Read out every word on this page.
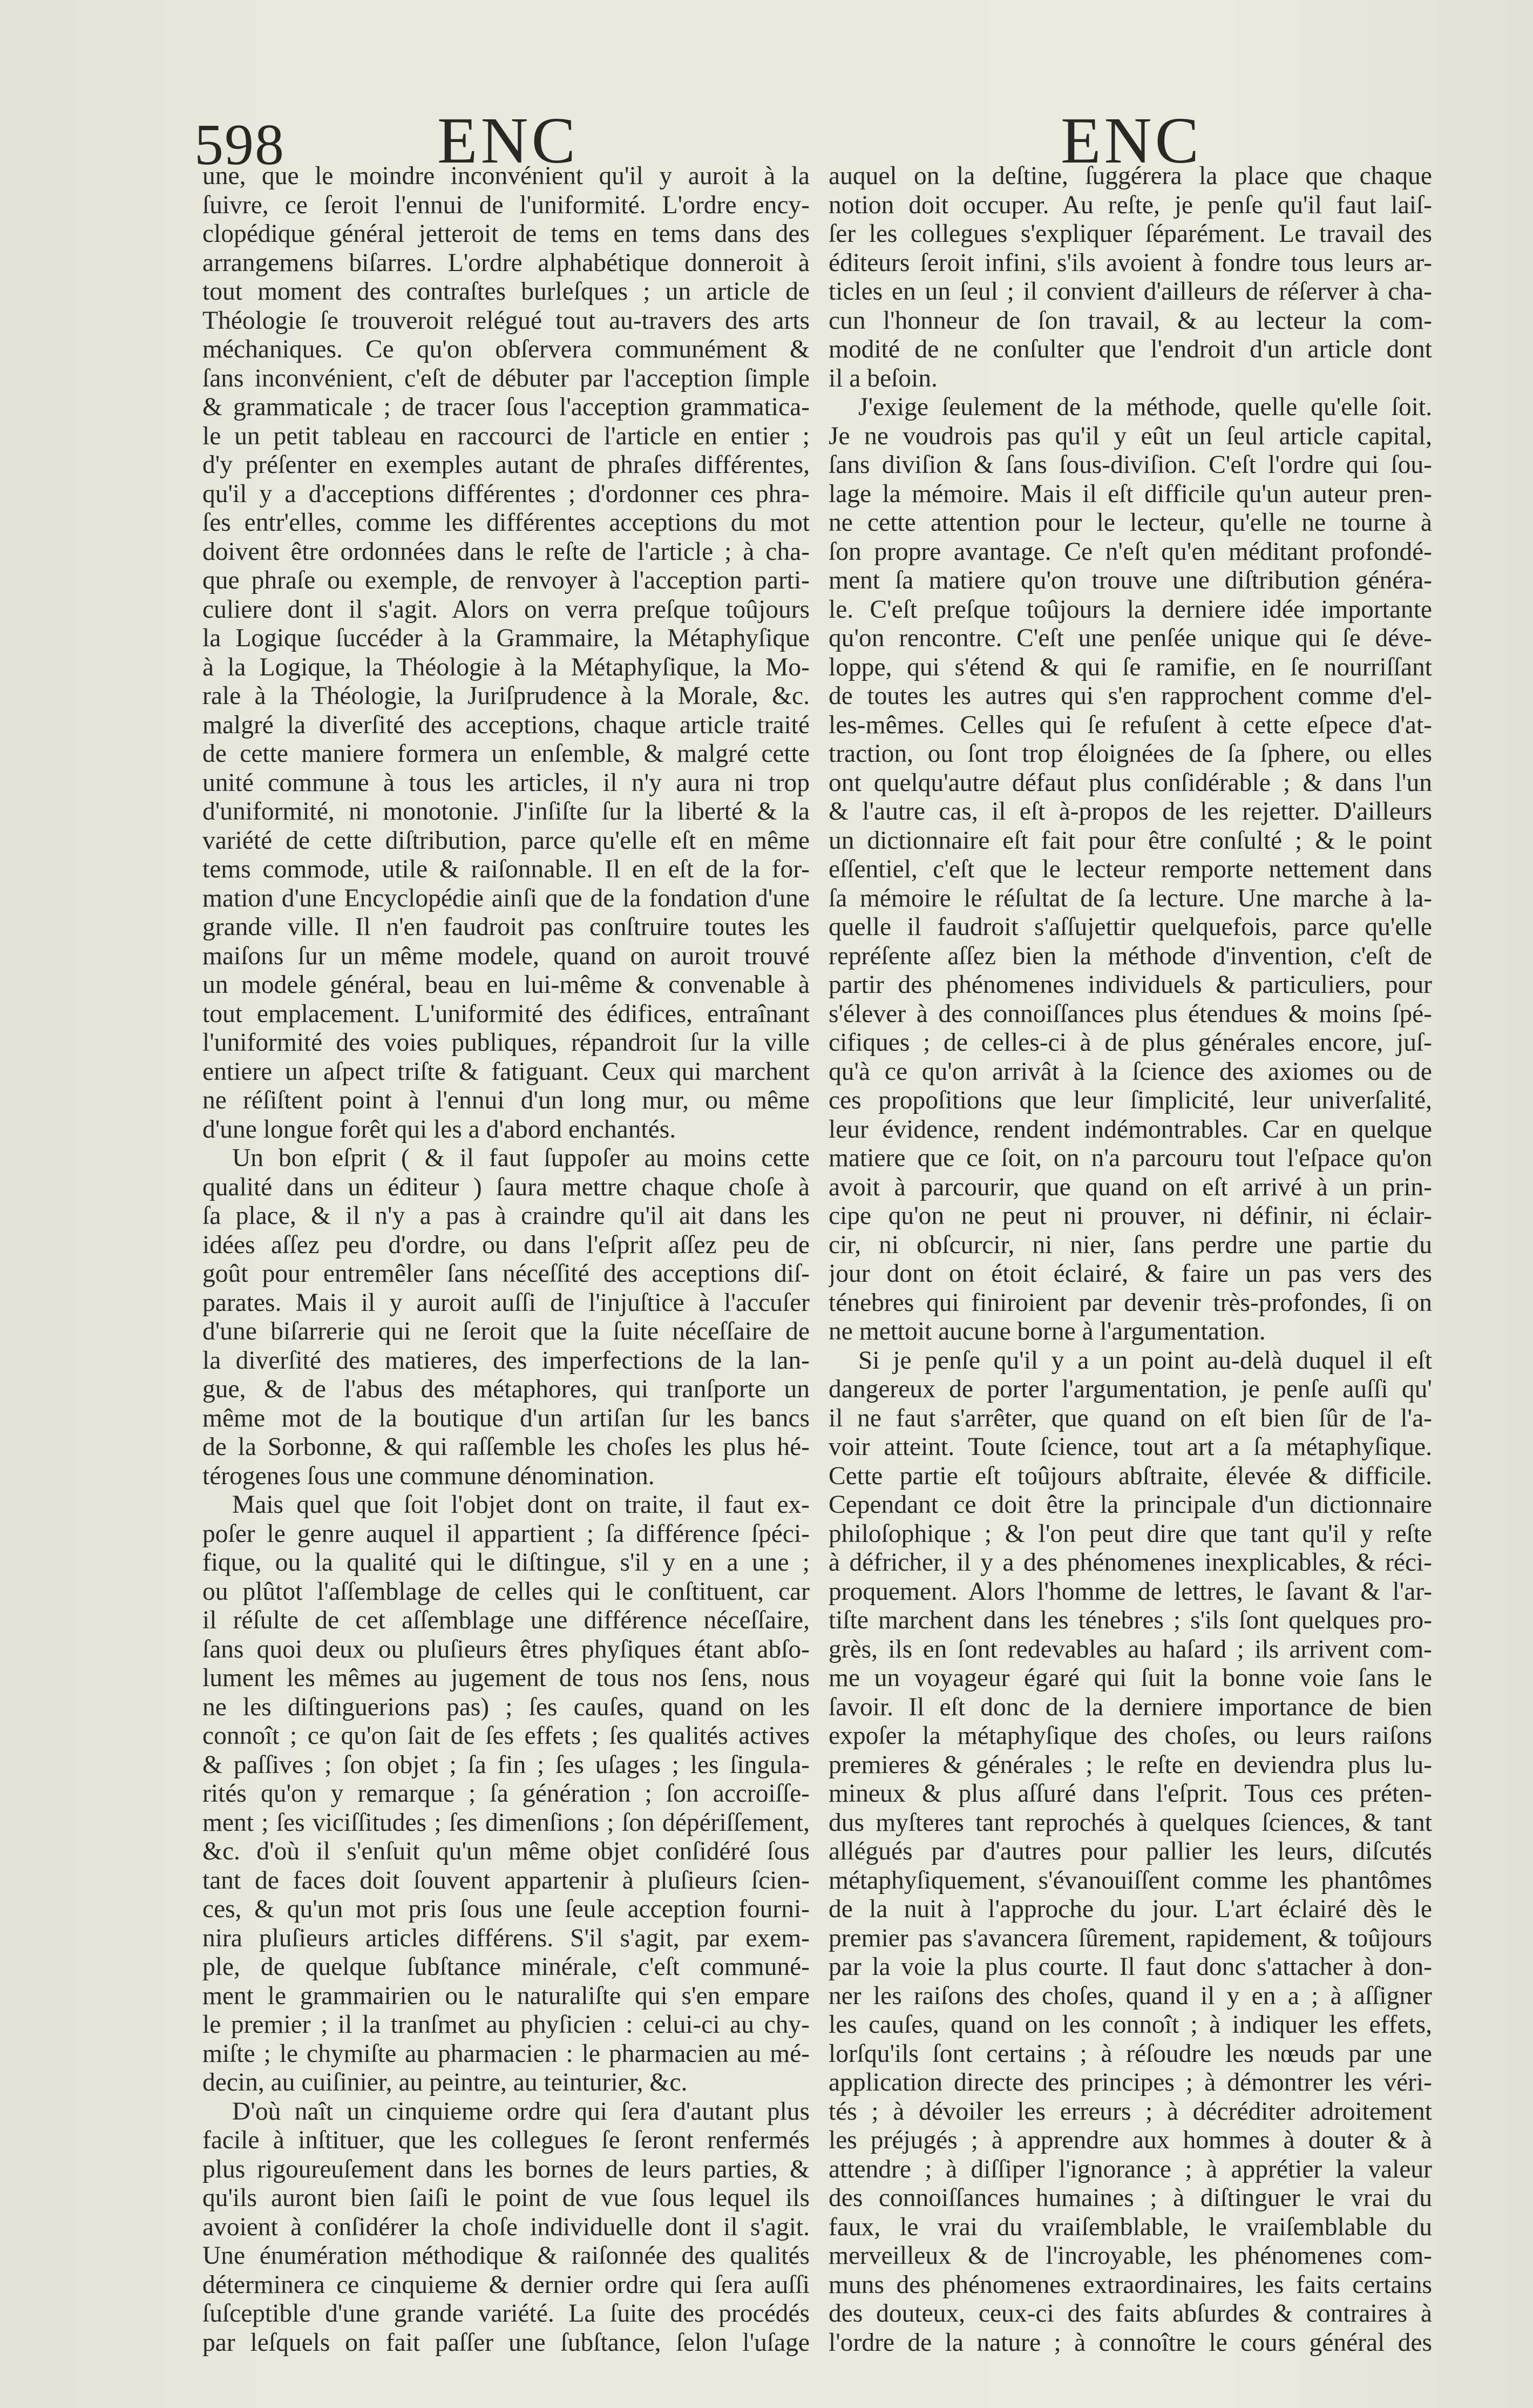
598 ENC	ENC
une, que le moindre inconvénient qu'il y auroit à la
ſuivre, ce ſeroit l'ennui de l'uniformité. L'ordre ency-
clopédique général jetteroit de tems en tems dans des
arrangemens biſarres. L'ordre alphabétique donneroit à
tout moment des contraſtes burleſques ; un article de
Théologie ſe trouveroit relégué tout au-travers des arts
méchaniques. Ce qu'on obſervera communément &
ſans inconvénient, c'eſt de débuter par l'acception ſimple
& grammaticale ; de tracer ſous l'acception grammatica-
le un petit tableau en raccourci de l'article en entier ;
d'y préſenter en exemples autant de phraſes différentes,
qu'il y a d'acceptions différentes ; d'ordonner ces phra-
ſes entr'elles, comme les différentes acceptions du mot
doivent être ordonnées dans le reſte de l'article ; à cha-
que phraſe ou exemple, de renvoyer à l'acception parti-
culiere dont il s'agit. Alors on verra preſque toûjours
la Logique ſuccéder à la Grammaire, la Métaphyſique
à la Logique, la Théologie à la Métaphyſique, la Mo-
rale à la Théologie, la Juriſprudence à la Morale, &c.
malgré la diverſité des acceptions, chaque article traité
de cette maniere formera un enſemble, & malgré cette
unité commune à tous les articles, il n'y aura ni trop
d'uniformité, ni monotonie. J'inſiſte ſur la liberté & la
variété de cette diſtribution, parce qu'elle eſt en même
tems commode, utile & raiſonnable. Il en eſt de la for-
mation d'une Encyclopédie ainſi que de la fondation d'une
grande ville. Il n'en faudroit pas conſtruire toutes les
maiſons ſur un même modele, quand on auroit trouvé
un modele général, beau en lui-même & convenable à
tout emplacement. L'uniformité des édifices, entraînant
l'uniformité des voies publiques, répandroit ſur la ville
entiere un aſpect triſte & fatiguant. Ceux qui marchent
ne réſiſtent point à l'ennui d'un long mur, ou même
d'une longue forêt qui les a d'abord enchantés.
Un bon eſprit ( & il faut ſuppoſer au moins cette
qualité dans un éditeur ) ſaura mettre chaque choſe à
ſa place, & il n'y a pas à craindre qu'il ait dans les
idées aſſez peu d'ordre, ou dans l'eſprit aſſez peu de
goût pour entremêler ſans néceſſité des acceptions diſ-
parates. Mais il y auroit auſſi de l'injuſtice à l'accuſer
d'une biſarrerie qui ne ſeroit que la ſuite néceſſaire de
la diverſité des matieres, des imperfections de la lan-
gue, & de l'abus des métaphores, qui tranſporte un
même mot de la boutique d'un artiſan ſur les bancs
de la Sorbonne, & qui raſſemble les choſes les plus hé-
térogenes ſous une commune dénomination.
Mais quel que ſoit l'objet dont on traite, il faut ex-
poſer le genre auquel il appartient ; ſa différence ſpéci-
fique, ou la qualité qui le diſtingue, s'il y en a une ;
ou plûtot l'aſſemblage de celles qui le conſtituent, car
il réſulte de cet aſſemblage une différence néceſſaire,
ſans quoi deux ou pluſieurs êtres phyſiques étant abſo-
lument les mêmes au jugement de tous nos ſens, nous
ne les diſtinguerions pas) ; ſes cauſes, quand on les
connoît ; ce qu'on ſait de ſes effets ; ſes qualités actives
& paſſives ; ſon objet ; ſa fin ; ſes uſages ; les ſingula-
rités qu'on y remarque ; ſa génération ; ſon accroiſſe-
ment ; ſes viciſſitudes ; ſes dimenſions ; ſon dépériſſement,
&c. d'où il s'enſuit qu'un même objet conſidéré ſous
tant de faces doit ſouvent appartenir à pluſieurs ſcien-
ces, & qu'un mot pris ſous une ſeule acception fourni-
nira pluſieurs articles différens. S'il s'agit, par exem-
ple, de quelque ſubſtance minérale, c'eſt communé-
ment le grammairien ou le naturaliſte qui s'en empare
le premier ; il la tranſmet au phyſicien : celui-ci au chy-
miſte ; le chymiſte au pharmacien : le pharmacien au mé-
decin, au cuiſinier, au peintre, au teinturier, &c.
D'où naît un cinquieme ordre qui ſera d'autant plus
facile à inſtituer, que les collegues ſe ſeront renfermés
plus rigoureuſement dans les bornes de leurs parties, &
qu'ils auront bien ſaiſi le point de vue ſous lequel ils
avoient à conſidérer la choſe individuelle dont il s'agit.
Une énumération méthodique & raiſonnée des qualités
déterminera ce cinquieme & dernier ordre qui ſera auſſi
ſuſceptible d'une grande variété. La ſuite des procédés
par leſquels on fait paſſer une ſubſtance, ſelon l'uſage
auquel on la deſtine, ſuggérera la place que chaque
notion doit occuper. Au reſte, je penſe qu'il faut laiſ-
ſer les collegues s'expliquer ſéparément. Le travail des
éditeurs ſeroit infini, s'ils avoient à fondre tous leurs ar-
ticles en un ſeul ; il convient d'ailleurs de réſerver à cha-
cun l'honneur de ſon travail, & au lecteur la com-
modité de ne conſulter que l'endroit d'un article dont
il a beſoin.
J'exige ſeulement de la méthode, quelle qu'elle ſoit.
Je ne voudrois pas qu'il y eût un ſeul article capital,
ſans diviſion & ſans ſous-diviſion. C'eſt l'ordre qui ſou-
lage la mémoire. Mais il eſt difficile qu'un auteur pren-
ne cette attention pour le lecteur, qu'elle ne tourne à
ſon propre avantage. Ce n'eſt qu'en méditant profondé-
ment ſa matiere qu'on trouve une diſtribution généra-
le. C'eſt preſque toûjours la derniere idée importante
qu'on rencontre. C'eſt une penſée unique qui ſe déve-
loppe, qui s'étend & qui ſe ramifie, en ſe nourriſſant
de toutes les autres qui s'en rapprochent comme d'el-
les-mêmes. Celles qui ſe refuſent à cette eſpece d'at-
traction, ou ſont trop éloignées de ſa ſphere, ou elles
ont quelqu'autre défaut plus conſidérable ; & dans l'un
& l'autre cas, il eſt à-propos de les rejetter. D'ailleurs
un dictionnaire eſt fait pour être conſulté ; & le point
eſſentiel, c'eſt que le lecteur remporte nettement dans
ſa mémoire le réſultat de ſa lecture. Une marche à la-
quelle il faudroit s'aſſujettir quelquefois, parce qu'elle
repréſente aſſez bien la méthode d'invention, c'eſt de
partir des phénomenes individuels & particuliers, pour
s'élever à des connoiſſances plus étendues & moins ſpé-
cifiques ; de celles-ci à de plus générales encore, juſ-
qu'à ce qu'on arrivât à la ſcience des axiomes ou de
ces propoſitions que leur ſimplicité, leur univerſalité,
leur évidence, rendent indémontrables. Car en quelque
matiere que ce ſoit, on n'a parcouru tout l'eſpace qu'on
avoit à parcourir, que quand on eſt arrivé à un prin-
cipe qu'on ne peut ni prouver, ni définir, ni éclair-
cir, ni obſcurcir, ni nier, ſans perdre une partie du
jour dont on étoit éclairé, & faire un pas vers des
ténebres qui finiroient par devenir très-profondes, ſi on
ne mettoit aucune borne à l'argumentation.
Si je penſe qu'il y a un point au-delà duquel il eſt
dangereux de porter l'argumentation, je penſe auſſi qu'
il ne faut s'arrêter, que quand on eſt bien ſûr de l'a-
voir atteint. Toute ſcience, tout art a ſa métaphyſique.
Cette partie eſt toûjours abſtraite, élevée & difficile.
Cependant ce doit être la principale d'un dictionnaire
philoſophique ; & l'on peut dire que tant qu'il y reſte
à défricher, il y a des phénomenes inexplicables, & réci-
proquement. Alors l'homme de lettres, le ſavant & l'ar-
tiſte marchent dans les ténebres ; s'ils ſont quelques pro-
grès, ils en ſont redevables au haſard ; ils arrivent com-
me un voyageur égaré qui ſuit la bonne voie ſans le
ſavoir. Il eſt donc de la derniere importance de bien
expoſer la métaphyſique des choſes, ou leurs raiſons
premieres & générales ; le reſte en deviendra plus lu-
mineux & plus aſſuré dans l'eſprit. Tous ces préten-
dus myſteres tant reprochés à quelques ſciences, & tant
allégués par d'autres pour pallier les leurs, diſcutés
métaphyſiquement, s'évanouiſſent comme les phantômes
de la nuit à l'approche du jour. L'art éclairé dès le
premier pas s'avancera ſûrement, rapidement, & toûjours
par la voie la plus courte. Il faut donc s'attacher à don-
ner les raiſons des choſes, quand il y en a ; à aſſigner
les cauſes, quand on les connoît ; à indiquer les effets,
lorſqu'ils ſont certains ; à réſoudre les nœuds par une
application directe des principes ; à démontrer les véri-
tés ; à dévoiler les erreurs ; à décréditer adroitement
les préjugés ; à apprendre aux hommes à douter & à
attendre ; à diſſiper l'ignorance ; à apprétier la valeur
des connoiſſances humaines ; à diſtinguer le vrai du
faux, le vrai du vraiſemblable, le vraiſemblable du
merveilleux & de l'incroyable, les phénomenes com-
muns des phénomenes extraordinaires, les faits certains
des douteux, ceux-ci des faits abſurdes & contraires à
l'ordre de la nature ; à connoître le cours général des
